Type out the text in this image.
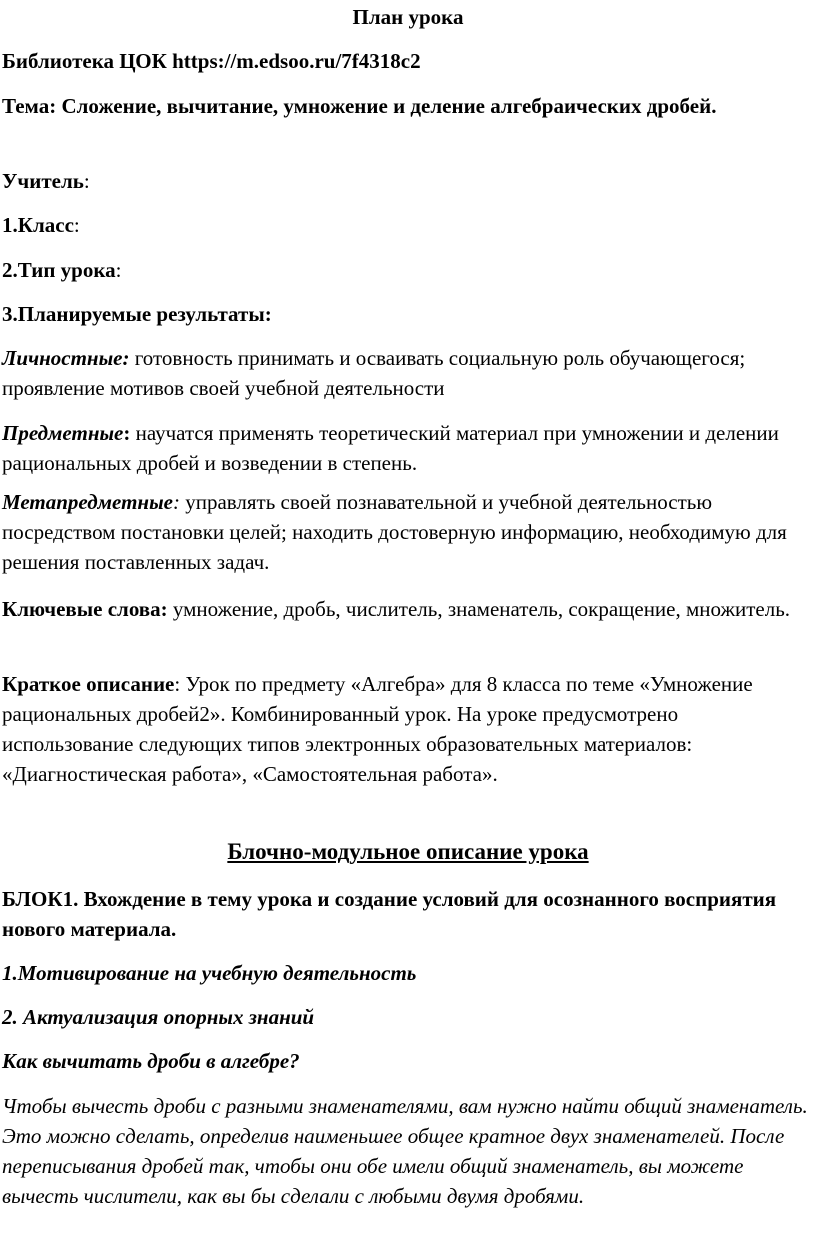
План урока

Библиотека ЦОК https://m.edsoo.ru/7f4318c2

Тема: Сложение, вычитание, умножение и деление алгебраических дробей.

Учитель:

1.Класс:

2.Тип урока:

3.Планируемые результаты:

Личностные: готовность принимать и осваивать социальную роль обучающегося; проявление мотивов своей учебной деятельности

Предметные: научатся применять теоретический материал при умножении и делении рациональных дробей и возведении в степень.

Метапредметные: управлять своей познавательной и учебной деятельностью посредством постановки целей; находить достоверную информацию, необходимую для решения поставленных задач.

Ключевые слова: умножение, дробь, числитель, знаменатель, сокращение, множитель.

Краткое описание: Урок по предмету «Алгебра» для 8 класса по теме «Умножение рациональных дробей2». Комбинированный урок. На уроке предусмотрено использование следующих типов электронных образовательных материалов: «Диагностическая работа», «Самостоятельная работа».

Блочно-модульное описание урока

БЛОК1. Вхождение в тему урока и создание условий для осознанного восприятия нового материала.

1.Мотивирование на учебную деятельность

2. Актуализация опорных знаний

Как вычитать дроби в алгебре?

Чтобы вычесть дроби с разными знаменателями, вам нужно найти общий знаменатель. Это можно сделать, определив наименьшее общее кратное двух знаменателей. После переписывания дробей так, чтобы они обе имели общий знаменатель, вы можете вычесть числители, как вы бы сделали с любыми двумя дробями.
